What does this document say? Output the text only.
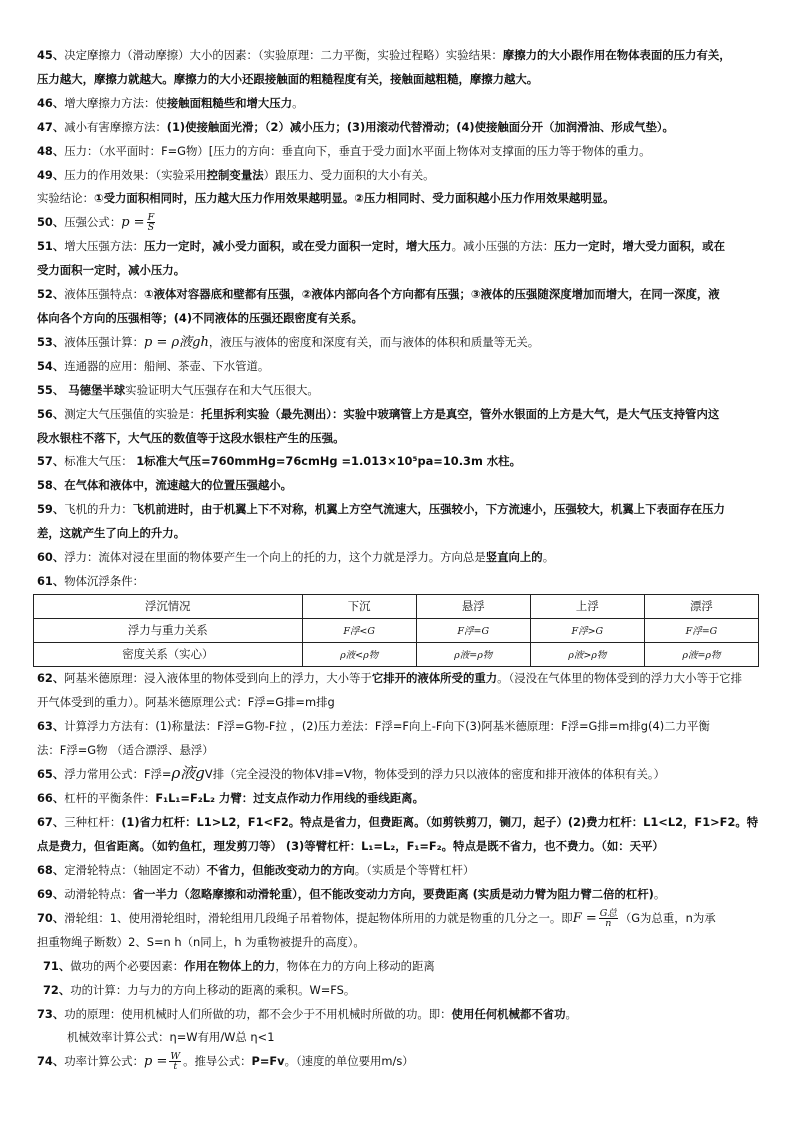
45、决定摩擦力（滑动摩擦）大小的因素：（实验原理：二力平衡，实验过程略）实验结果：摩擦力的大小跟作用在物体表面的压力有关，
压力越大，摩擦力就越大。摩擦力的大小还跟接触面的粗糙程度有关，接触面越粗糙，摩擦力越大。
46、增大摩擦力方法：使接触面粗糙些和增大压力。
47、减小有害摩擦方法：(1)使接触面光滑；（2）减小压力；(3)用滚动代替滑动；(4)使接触面分开（加润滑油、形成气垫）。
48、压力：（水平面时：F=G物）[压力的方向：垂直向下，垂直于受力面]水平面上物体对支撑面的压力等于物体的重力。
49、压力的作用效果：（实验采用控制变量法）跟压力、受力面积的大小有关。
实验结论：①受力面积相同时，压力越大压力作用效果越明显。②压力相同时、受力面积越小压力作用效果越明显。
50、压强公式：$p = \frac{F}{S}$
51、增大压强方法：压力一定时，减小受力面积，或在受力面积一定时，增大压力。减小压强的方法：压力一定时，增大受力面积，或在
受力面积一定时，减小压力。
52、液体压强特点：①液体对容器底和壁都有压强，②液体内部向各个方向都有压强；③液体的压强随深度增加而增大，在同一深度，液
体向各个方向的压强相等；(4)不同液体的压强还跟密度有关系。
53、液体压强计算：p = ρ液gh，液压与液体的密度和深度有关，而与液体的体积和质量等无关。
54、连通器的应用：船闸、茶壶、下水管道。
55、 马德堡半球实验证明大气压强存在和大气压很大。
56、测定大气压强值的实验是：托里拆利实验（最先测出）：实验中玻璃管上方是真空，管外水银面的上方是大气，是大气压支持管内这
段水银柱不落下，大气压的数值等于这段水银柱产生的压强。
57、标准大气压： 1标准大气压=760mmHg=76cmHg =1.013×10⁵pa=10.3m 水柱。
58、在气体和液体中，流速越大的位置压强越小。
59、飞机的升力：飞机前进时，由于机翼上下不对称，机翼上方空气流速大，压强较小，下方流速小，压强较大，机翼上下表面存在压力
差，这就产生了向上的升力。
60、浮力：流体对浸在里面的物体要产生一个向上的托的力，这个力就是浮力。方向总是竖直向上的。
61、物体沉浮条件：
浮沉情况	下沉	悬浮	上浮	漂浮
浮力与重力关系	F浮<G	F浮=G	F浮>G	F浮=G
密度关系（实心）	ρ液<ρ物	ρ液=ρ物	ρ液>ρ物	ρ液=ρ物
62、阿基米德原理：浸入液体里的物体受到向上的浮力，大小等于它排开的液体所受的重力。（浸没在气体里的物体受到的浮力大小等于它排
开气体受到的重力）。阿基米德原理公式：F浮=G排=m排g
63、计算浮力方法有：(1)称量法：F浮=G物-F拉 ，(2)压力差法：F浮=F向上-F向下(3)阿基米德原理：F浮=G排=m排g(4)二力平衡
法：F浮=G物 （适合漂浮、悬浮）
65、浮力常用公式：F浮=ρ液gV排（完全浸没的物体V排=V物，物体受到的浮力只以液体的密度和排开液体的体积有关。）
66、杠杆的平衡条件：F₁L₁=F₂L₂ 力臂：过支点作动力作用线的垂线距离。
67、三种杠杆：(1)省力杠杆：L1>L2，F1<F2。特点是省力，但费距离。（如剪铁剪刀，铡刀，起子）(2)费力杠杆：L1<L2，F1>F2。特
点是费力，但省距离。（如钓鱼杠，理发剪刀等） (3)等臂杠杆：L₁=L₂，F₁=F₂。特点是既不省力，也不费力。（如：天平）
68、定滑轮特点：（轴固定不动）不省力，但能改变动力的方向。（实质是个等臂杠杆）
69、动滑轮特点：省一半力（忽略摩擦和动滑轮重），但不能改变动力方向，要费距离 (实质是动力臂为阻力臂二倍的杠杆)。
70、滑轮组：1、使用滑轮组时，滑轮组用几段绳子吊着物体，提起物体所用的力就是物重的几分之一。即$F = \frac{\text{G总}}{n} (G$为总重，n为承
担重物绳子断数）2、S=n h（n同上，h 为重物被提升的高度）。
71、做功的两个必要因素：作用在物体上的力，物体在力的方向上移动的距离
72、功的计算：力与力的方向上移动的距离的乘积。W=FS。
73、功的原理：使用机械时人们所做的功，都不会少于不用机械时所做的功。即：使用任何机械都不省功。
机械效率计算公式：η=W有用/W总 η<1
74、功率计算公式：$p = \frac{W}{t}$ 。推导公式：P=Fv。（速度的单位要用m/s）
